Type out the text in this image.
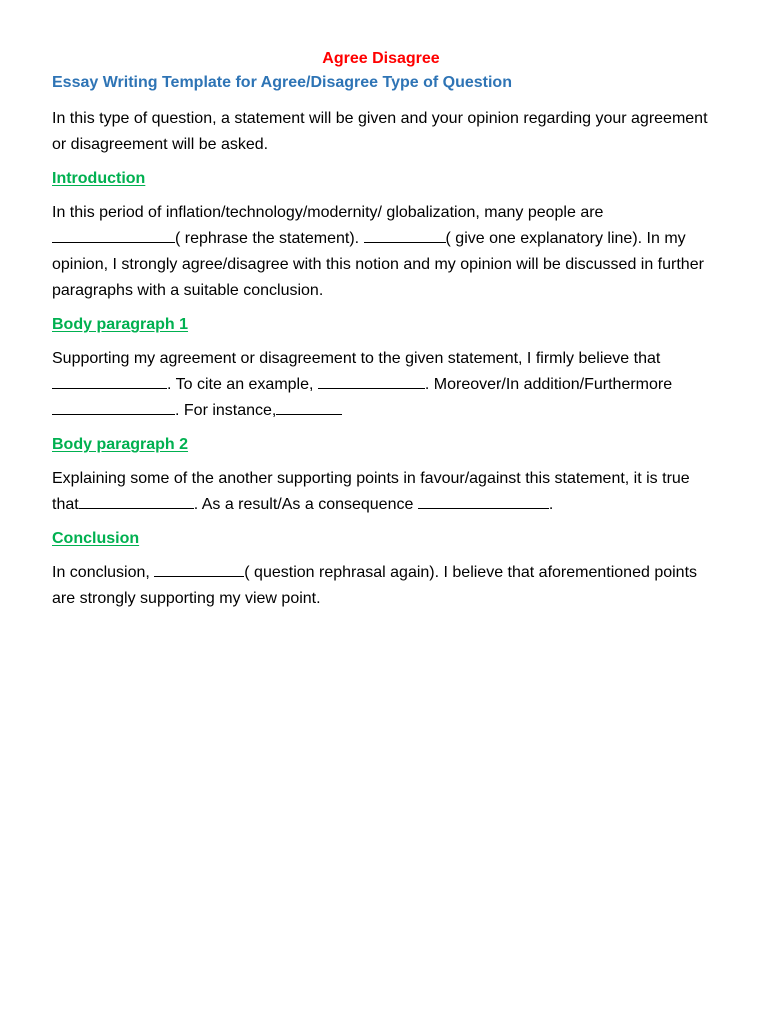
Agree Disagree
Essay Writing Template for Agree/Disagree Type of Question

In this type of question, a statement will be given and your opinion regarding your agreement or disagreement will be asked.

Introduction

In this period of inflation/technology/modernity/ globalization, many people are( rephrase the statement).	( give one explanatory line). In my opinion, I strongly agree/disagree with this notion and my opinion will be discussed in further paragraphs with a suitable conclusion.

Body paragraph 1

Supporting my agreement or disagreement to the given statement, I firmly believe that. To cite an example,	. Moreover/In addition/Furthermore. For instance,

Body paragraph 2

Explaining some of the another supporting points in favour/against this statement, it is true that	. As a result/As a consequence	.

Conclusion

In conclusion,	( question rephrasal again). I believe that aforementioned points are strongly supporting my view point.
